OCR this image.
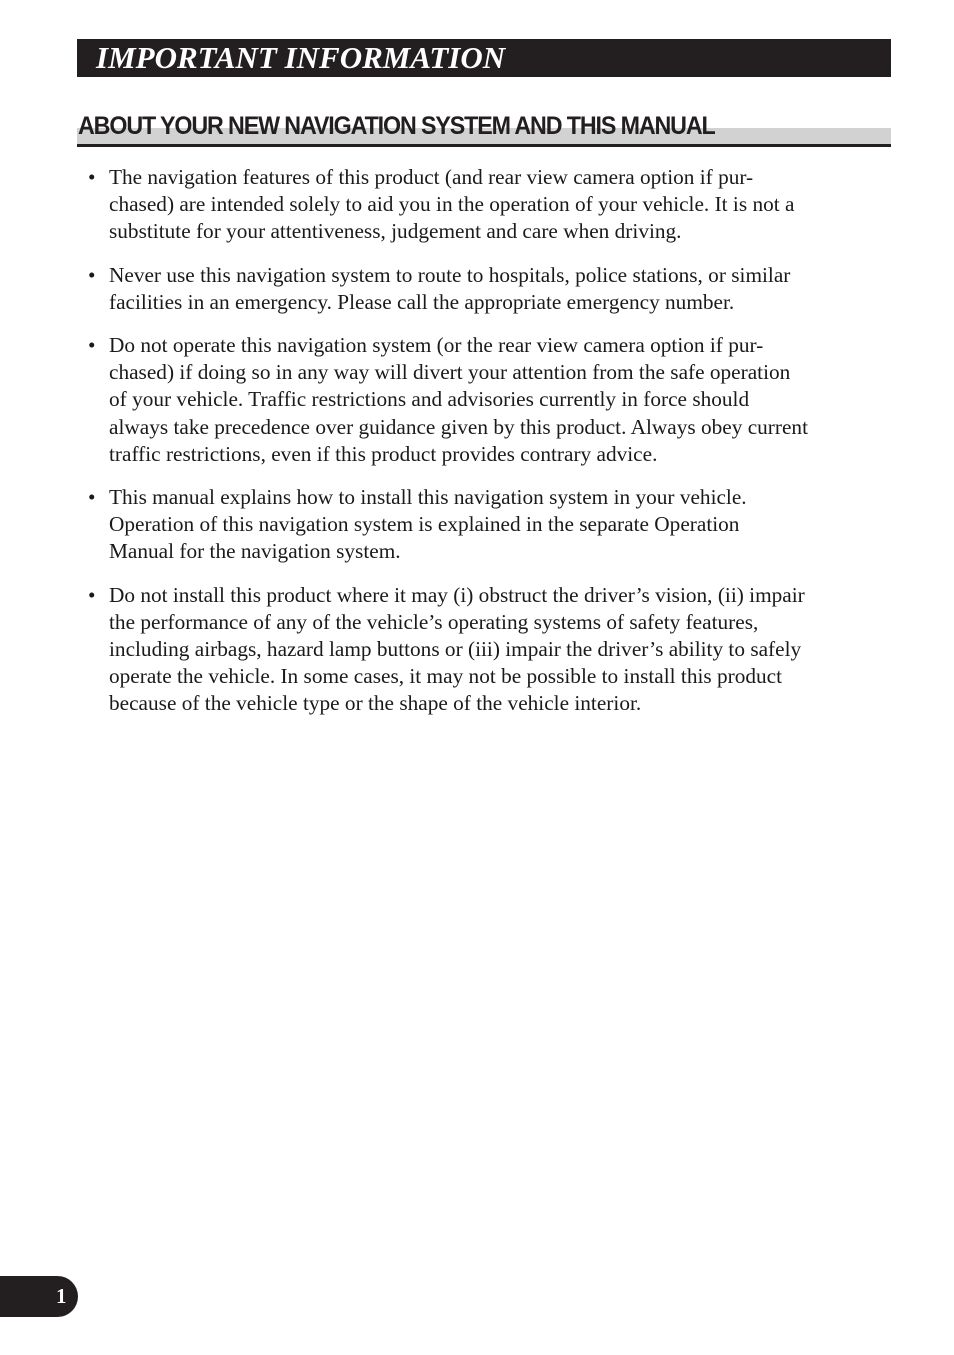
IMPORTANT INFORMATION
ABOUT YOUR NEW NAVIGATION SYSTEM AND THIS MANUAL
• The navigation features of this product (and rear view camera option if pur-
chased) are intended solely to aid you in the operation of your vehicle. It is not a
substitute for your attentiveness, judgement and care when driving.
• Never use this navigation system to route to hospitals, police stations, or similar
facilities in an emergency. Please call the appropriate emergency number.
• Do not operate this navigation system (or the rear view camera option if pur-
chased) if doing so in any way will divert your attention from the safe operation
of your vehicle. Traffic restrictions and advisories currently in force should
always take precedence over guidance given by this product. Always obey current
traffic restrictions, even if this product provides contrary advice.
• This manual explains how to install this navigation system in your vehicle.
Operation of this navigation system is explained in the separate Operation
Manual for the navigation system.
• Do not install this product where it may (i) obstruct the driver’s vision, (ii) impair
the performance of any of the vehicle’s operating systems of safety features,
including airbags, hazard lamp buttons or (iii) impair the driver’s ability to safely
operate the vehicle. In some cases, it may not be possible to install this product
because of the vehicle type or the shape of the vehicle interior.
1
